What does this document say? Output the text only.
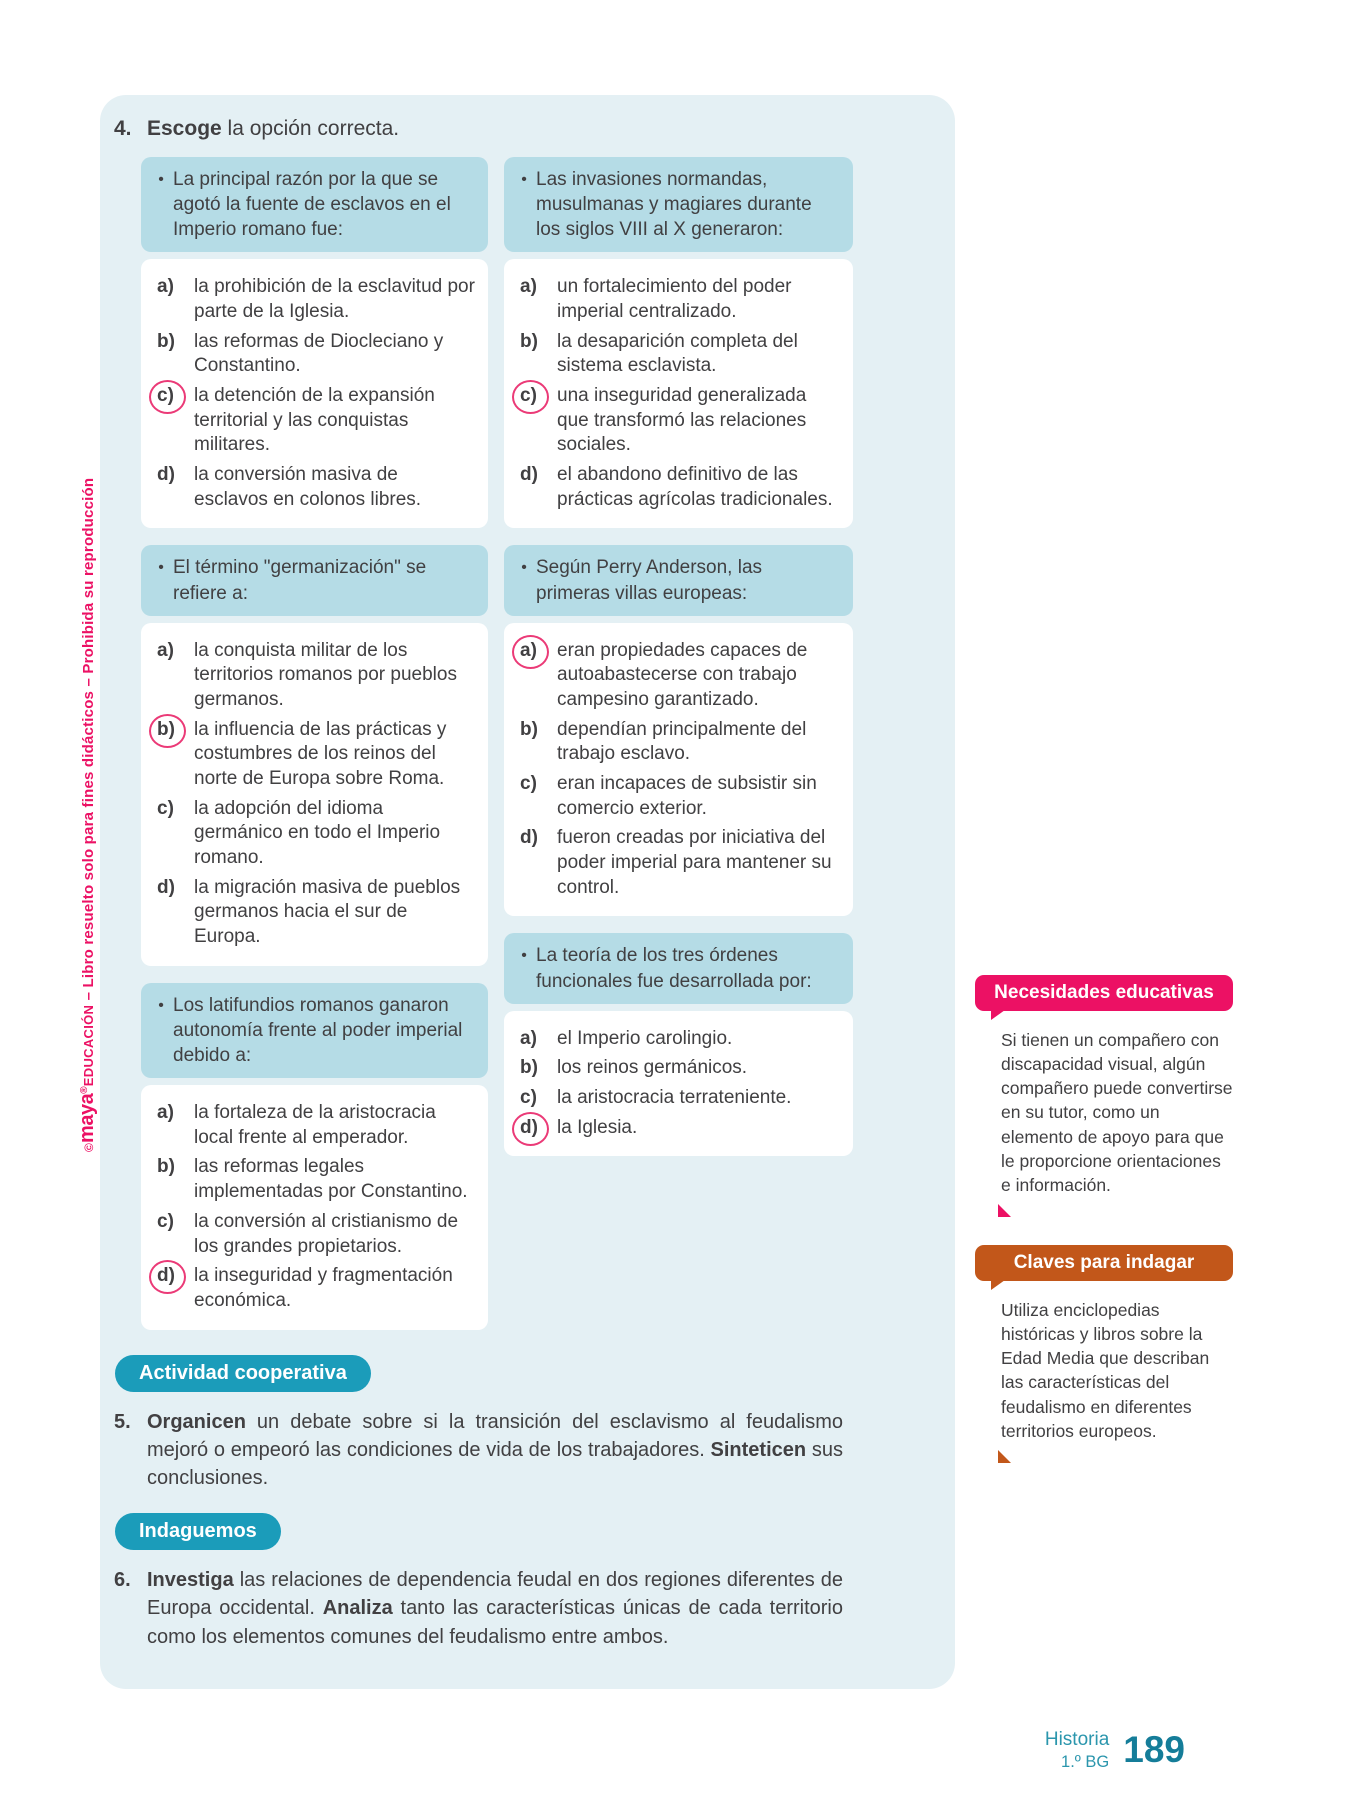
©maya®EDUCACIÓN – Libro resuelto solo para fines didácticos – Prohibida su reproducción
4. Escoge la opción correcta.
•
La principal razón por la que se agotó la fuente de esclavos en el Imperio romano fue:
a)	la prohibición de la esclavitud por parte de la Iglesia.
b)	las reformas de Diocleciano y Constantino.
c)	la detención de la expansión territorial y las conquistas militares.
d)	la conversión masiva de esclavos en colonos libres.
•
El término "germanización" se refiere a:
a)	la conquista militar de los territorios romanos por pueblos germanos.
b)	la influencia de las prácticas y costumbres de los reinos del norte de Europa sobre Roma.
c)	la adopción del idioma germánico en todo el Imperio romano.
d)	la migración masiva de pueblos germanos hacia el sur de Europa.
•
Los latifundios romanos ganaron autonomía frente al poder imperial debido a:
a)	la fortaleza de la aristocracia local frente al emperador.
b)	las reformas legales implementadas por Constantino.
c)	la conversión al cristianismo de los grandes propietarios.
d)	la inseguridad y fragmentación económica.
•
Las invasiones normandas, musulmanas y magiares durante los siglos VIII al X generaron:
a)	un fortalecimiento del poder imperial centralizado.
b)	la desaparición completa del sistema esclavista.
c)	una inseguridad generalizada que transformó las relaciones sociales.
d)	el abandono definitivo de las prácticas agrícolas tradicionales.
•
Según Perry Anderson, las primeras villas europeas:
a)	eran propiedades capaces de autoabastecerse con trabajo campesino garantizado.
b)	dependían principalmente del trabajo esclavo.
c)	eran incapaces de subsistir sin comercio exterior.
d)	fueron creadas por iniciativa del poder imperial para mantener su control.
•
La teoría de los tres órdenes funcionales fue desarrollada por:
a)	el Imperio carolingio.
b)	los reinos germánicos.
c)	la aristocracia terrateniente.
d)	la Iglesia.
Actividad cooperativa
5. Organicen un debate sobre si la transición del esclavismo al feudalismo mejoró o empeoró las condiciones de vida de los trabajadores. Sinteticen sus conclusiones.
Indaguemos
6. Investiga las relaciones de dependencia feudal en dos regiones diferentes de Europa occidental. Analiza tanto las características únicas de cada territorio como los elementos comunes del feudalismo entre ambos.
Necesidades educativas
Si tienen un compañero con discapacidad visual, algún compañero puede convertirse en su tutor, como un elemento de apoyo para que le proporcione orientaciones e información.
Claves para indagar
Utiliza enciclopedias históricas y libros sobre la Edad Media que describan las características del feudalismo en diferentes territorios europeos.
Historia
1.º BG 189
